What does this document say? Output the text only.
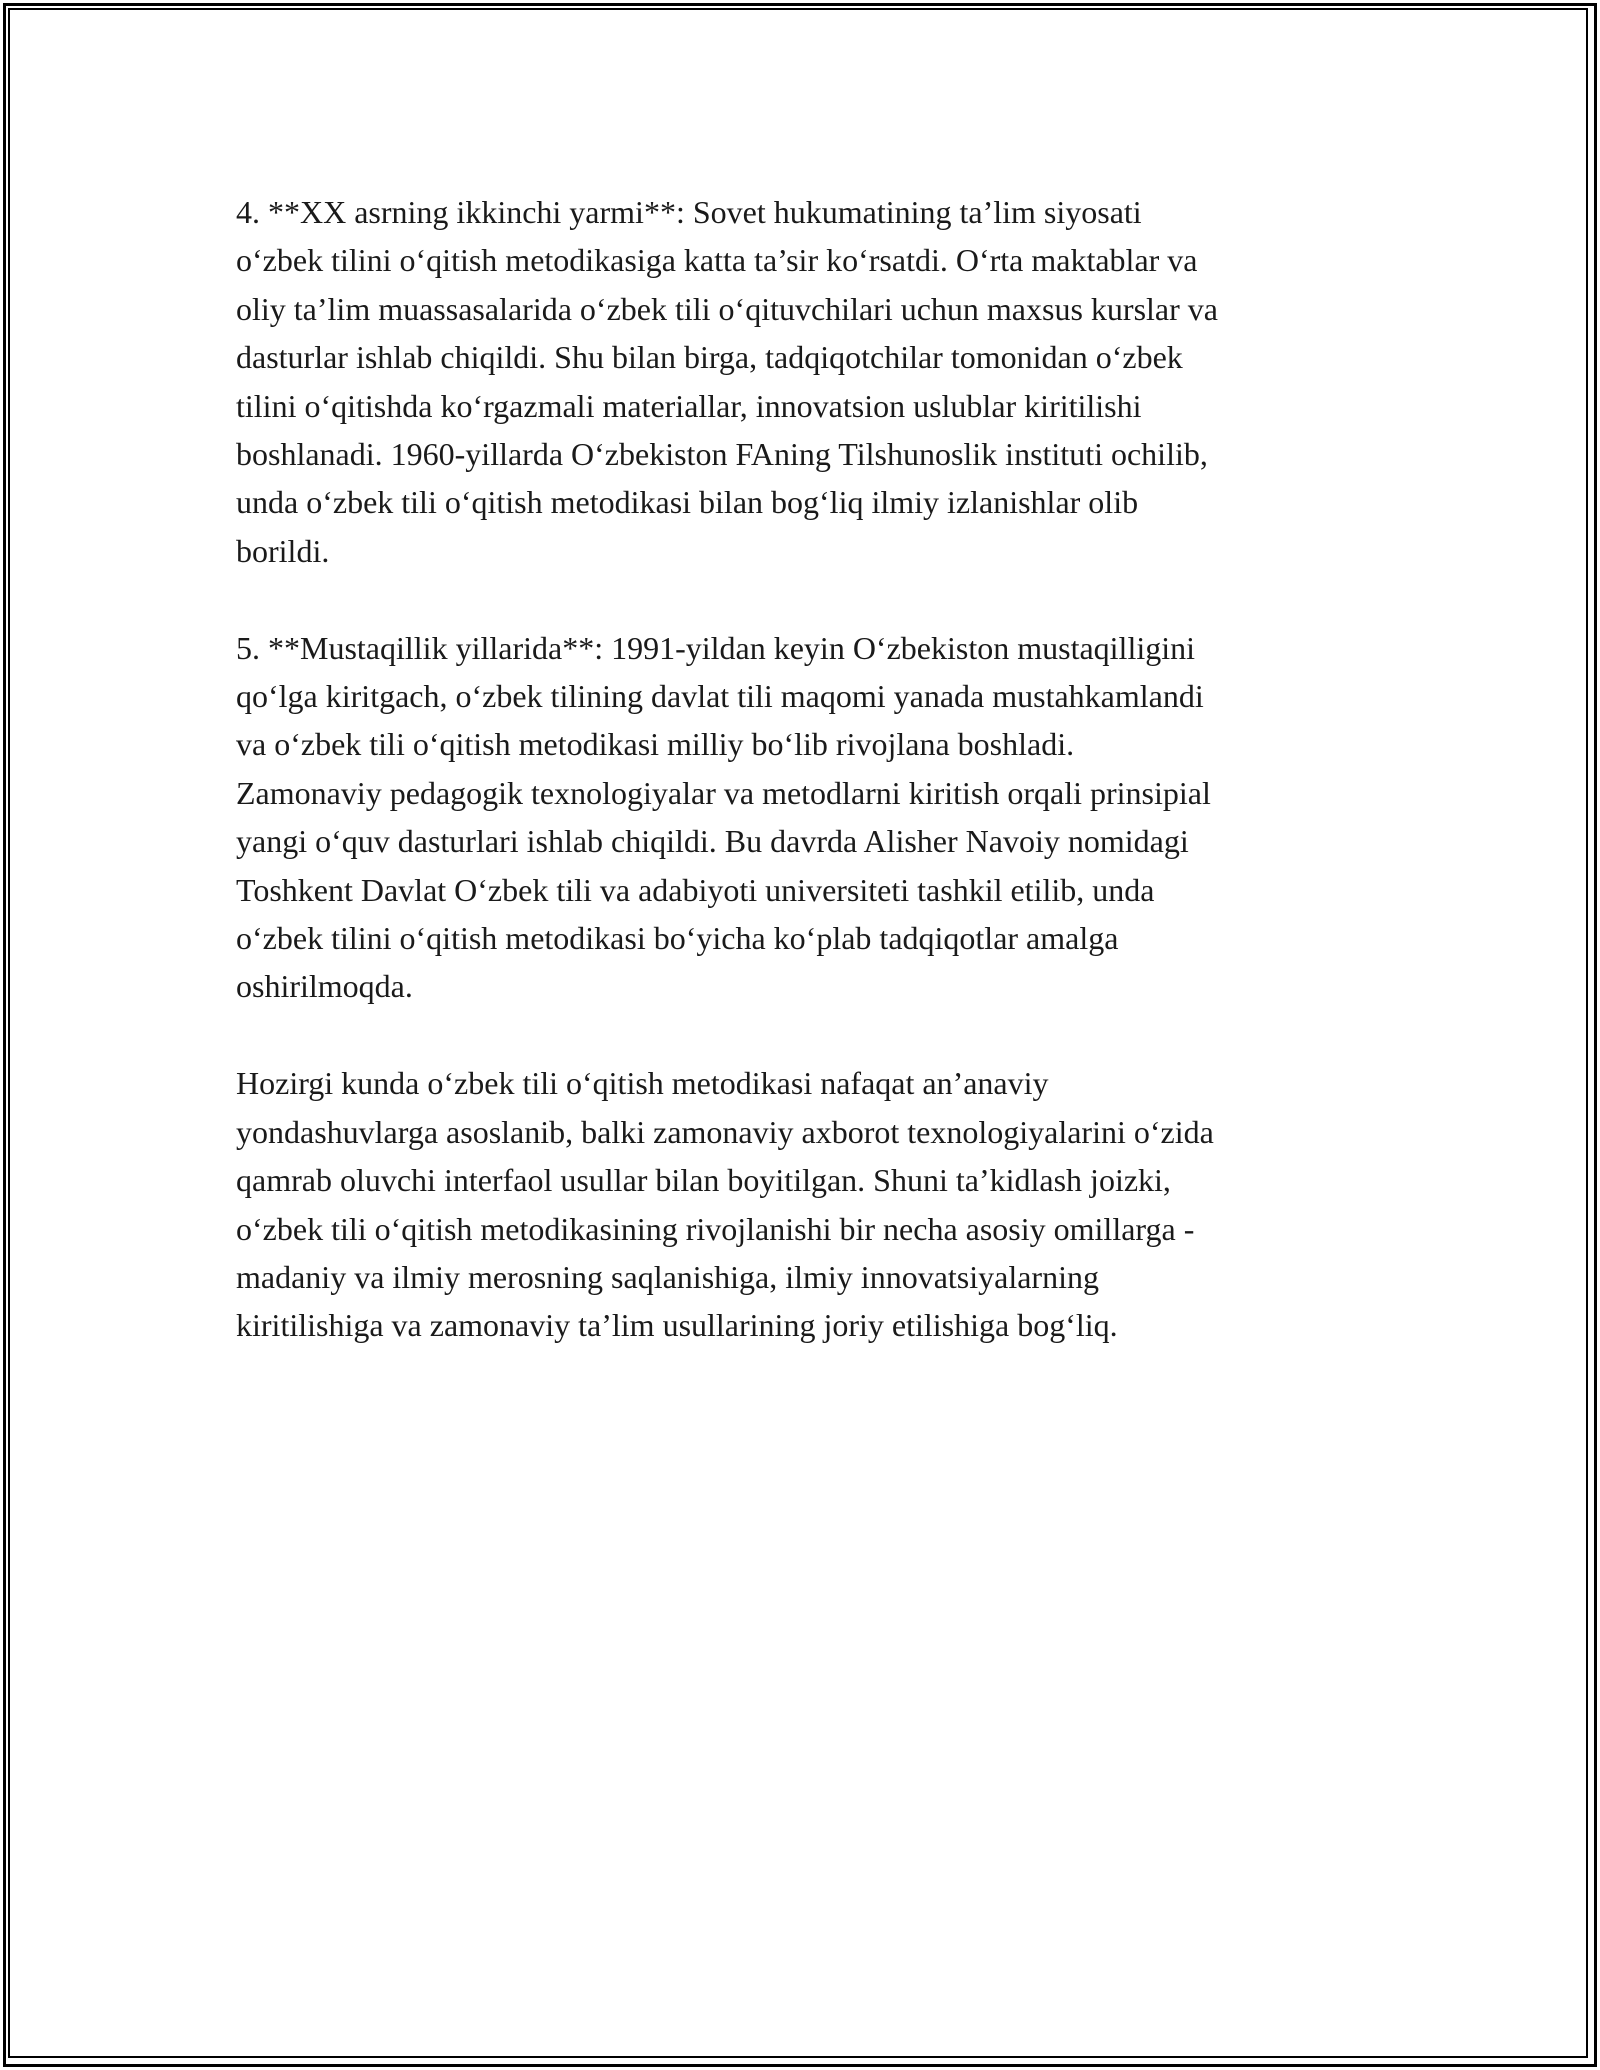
4. **XX asrning ikkinchi yarmi**: Sovet hukumatining ta’lim siyosati
o‘zbek tilini o‘qitish metodikasiga katta ta’sir ko‘rsatdi. O‘rta maktablar va
oliy ta’lim muassasalarida o‘zbek tili o‘qituvchilari uchun maxsus kurslar va
dasturlar ishlab chiqildi. Shu bilan birga, tadqiqotchilar tomonidan o‘zbek
tilini o‘qitishda ko‘rgazmali materiallar, innovatsion uslublar kiritilishi
boshlanadi. 1960-yillarda O‘zbekiston FAning Tilshunoslik instituti ochilib,
unda o‘zbek tili o‘qitish metodikasi bilan bog‘liq ilmiy izlanishlar olib
borildi.

5. **Mustaqillik yillarida**: 1991-yildan keyin O‘zbekiston mustaqilligini
qo‘lga kiritgach, o‘zbek tilining davlat tili maqomi yanada mustahkamlandi
va o‘zbek tili o‘qitish metodikasi milliy bo‘lib rivojlana boshladi.
Zamonaviy pedagogik texnologiyalar va metodlarni kiritish orqali prinsipial
yangi o‘quv dasturlari ishlab chiqildi. Bu davrda Alisher Navoiy nomidagi
Toshkent Davlat O‘zbek tili va adabiyoti universiteti tashkil etilib, unda
o‘zbek tilini o‘qitish metodikasi bo‘yicha ko‘plab tadqiqotlar amalga
oshirilmoqda.

Hozirgi kunda o‘zbek tili o‘qitish metodikasi nafaqat an’anaviy
yondashuvlarga asoslanib, balki zamonaviy axborot texnologiyalarini o‘zida
qamrab oluvchi interfaol usullar bilan boyitilgan. Shuni ta’kidlash joizki,
o‘zbek tili o‘qitish metodikasining rivojlanishi bir necha asosiy omillarga -
madaniy va ilmiy merosning saqlanishiga, ilmiy innovatsiyalarning
kiritilishiga va zamonaviy ta’lim usullarining joriy etilishiga bog‘liq.
